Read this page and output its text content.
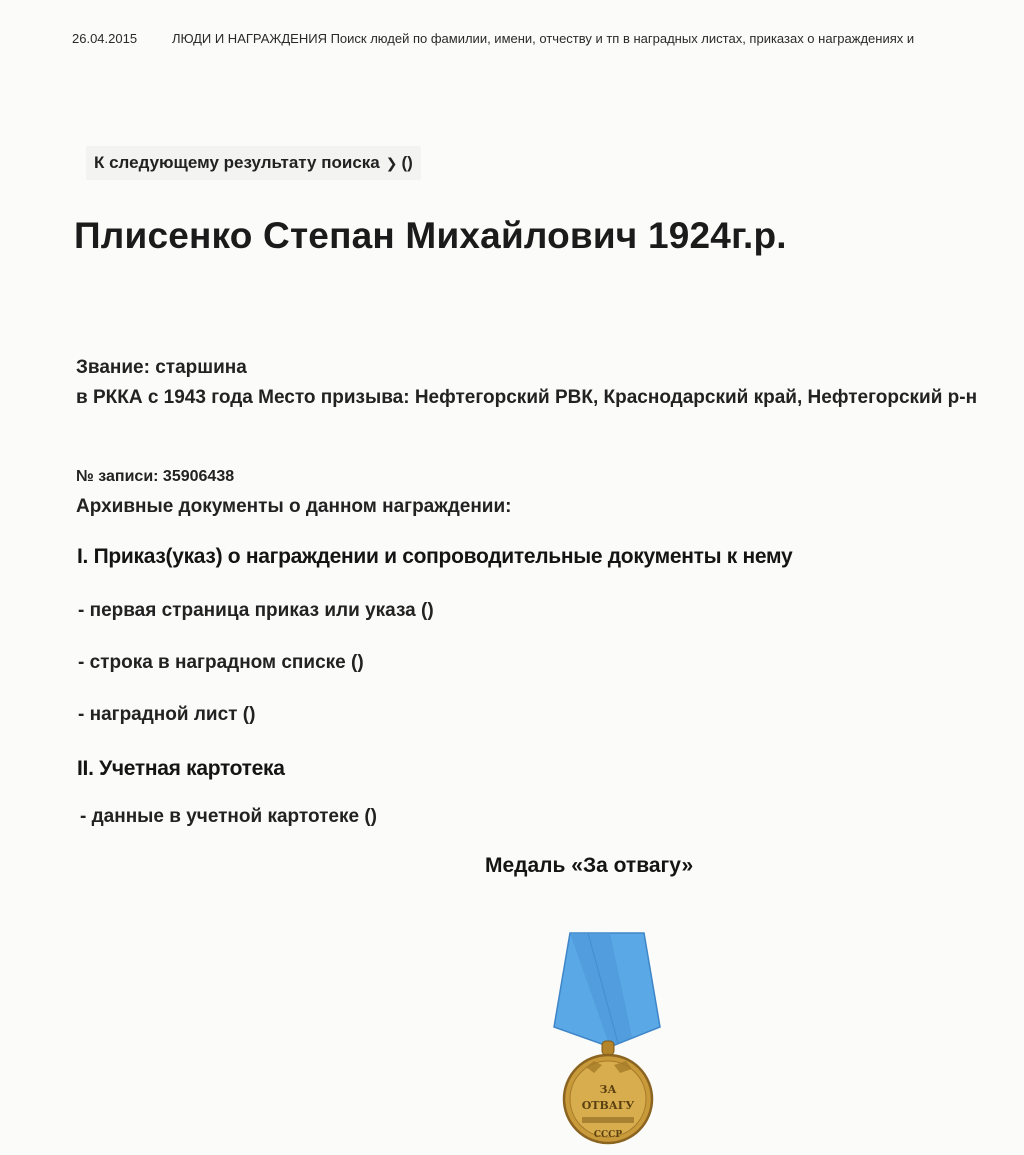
26.04.2015	ЛЮДИ И НАГРАЖДЕНИЯ Поиск людей по фамилии, имени, отчеству и тп в наградных листах, приказах о награждениях и
К следующему результату поиска ❯ ()
Плисенко Степан Михайлович 1924г.р.

Звание: старшина

в РККА с 1943 года Место призыва: Нефтегорский РВК, Краснодарский край, Нефтегорский р-н

№ записи: 35906438
Архивные документы о данном награждении:
I. Приказ(указ) о награждении и сопроводительные документы к нему
- первая страница приказ или указа ()
- строка в наградном списке ()
- наградной лист ()
II. Учетная картотека
- данные в учетной картотеке ()
Медаль «За отвагу»
ЗА
ОТВАГУ
СССР
